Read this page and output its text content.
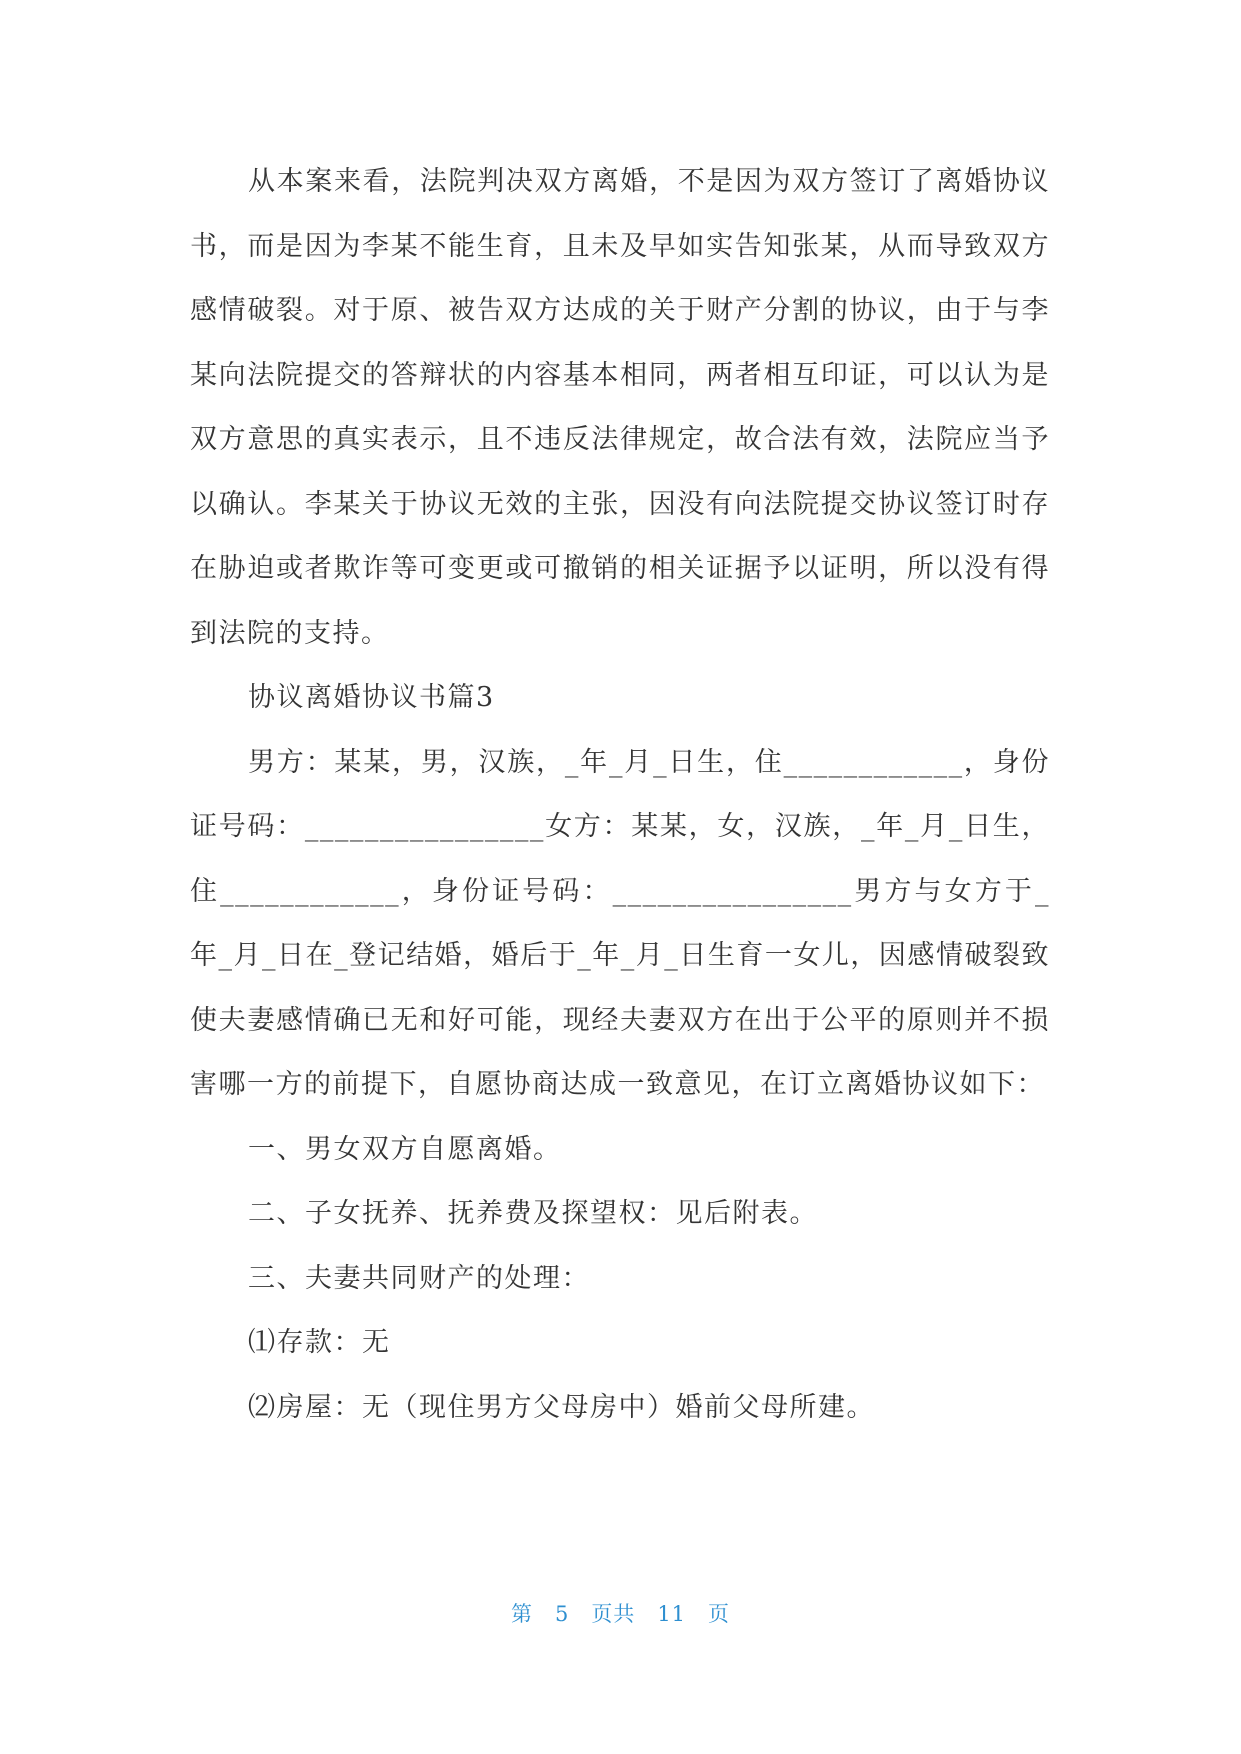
从本案来看，法院判决双方离婚，不是因为双方签订了离婚协议书，而是因为李某不能生育，且未及早如实告知张某，从而导致双方感情破裂。对于原、被告双方达成的关于财产分割的协议，由于与李某向法院提交的答辩状的内容基本相同，两者相互印证，可以认为是双方意思的真实表示，且不违反法律规定，故合法有效，法院应当予以确认。李某关于协议无效的主张，因没有向法院提交协议签订时存在胁迫或者欺诈等可变更或可撤销的相关证据予以证明，所以没有得到法院的支持。

协议离婚协议书篇3

男方：某某，男，汉族，_年_月_日生，住____________，身份证号码：________________女方：某某，女，汉族，_年_月_日生，住____________，身份证号码：________________男方与女方于_年_月_日在_登记结婚，婚后于_年_月_日生育一女儿，因感情破裂致使夫妻感情确已无和好可能，现经夫妻双方在出于公平的原则并不损害哪一方的前提下，自愿协商达成一致意见，在订立离婚协议如下：

一、男女双方自愿离婚。

二、子女抚养、抚养费及探望权：见后附表。

三、夫妻共同财产的处理：

⑴存款：无

⑵房屋：无（现住男方父母房中）婚前父母所建。

第 5 页共 11 页
